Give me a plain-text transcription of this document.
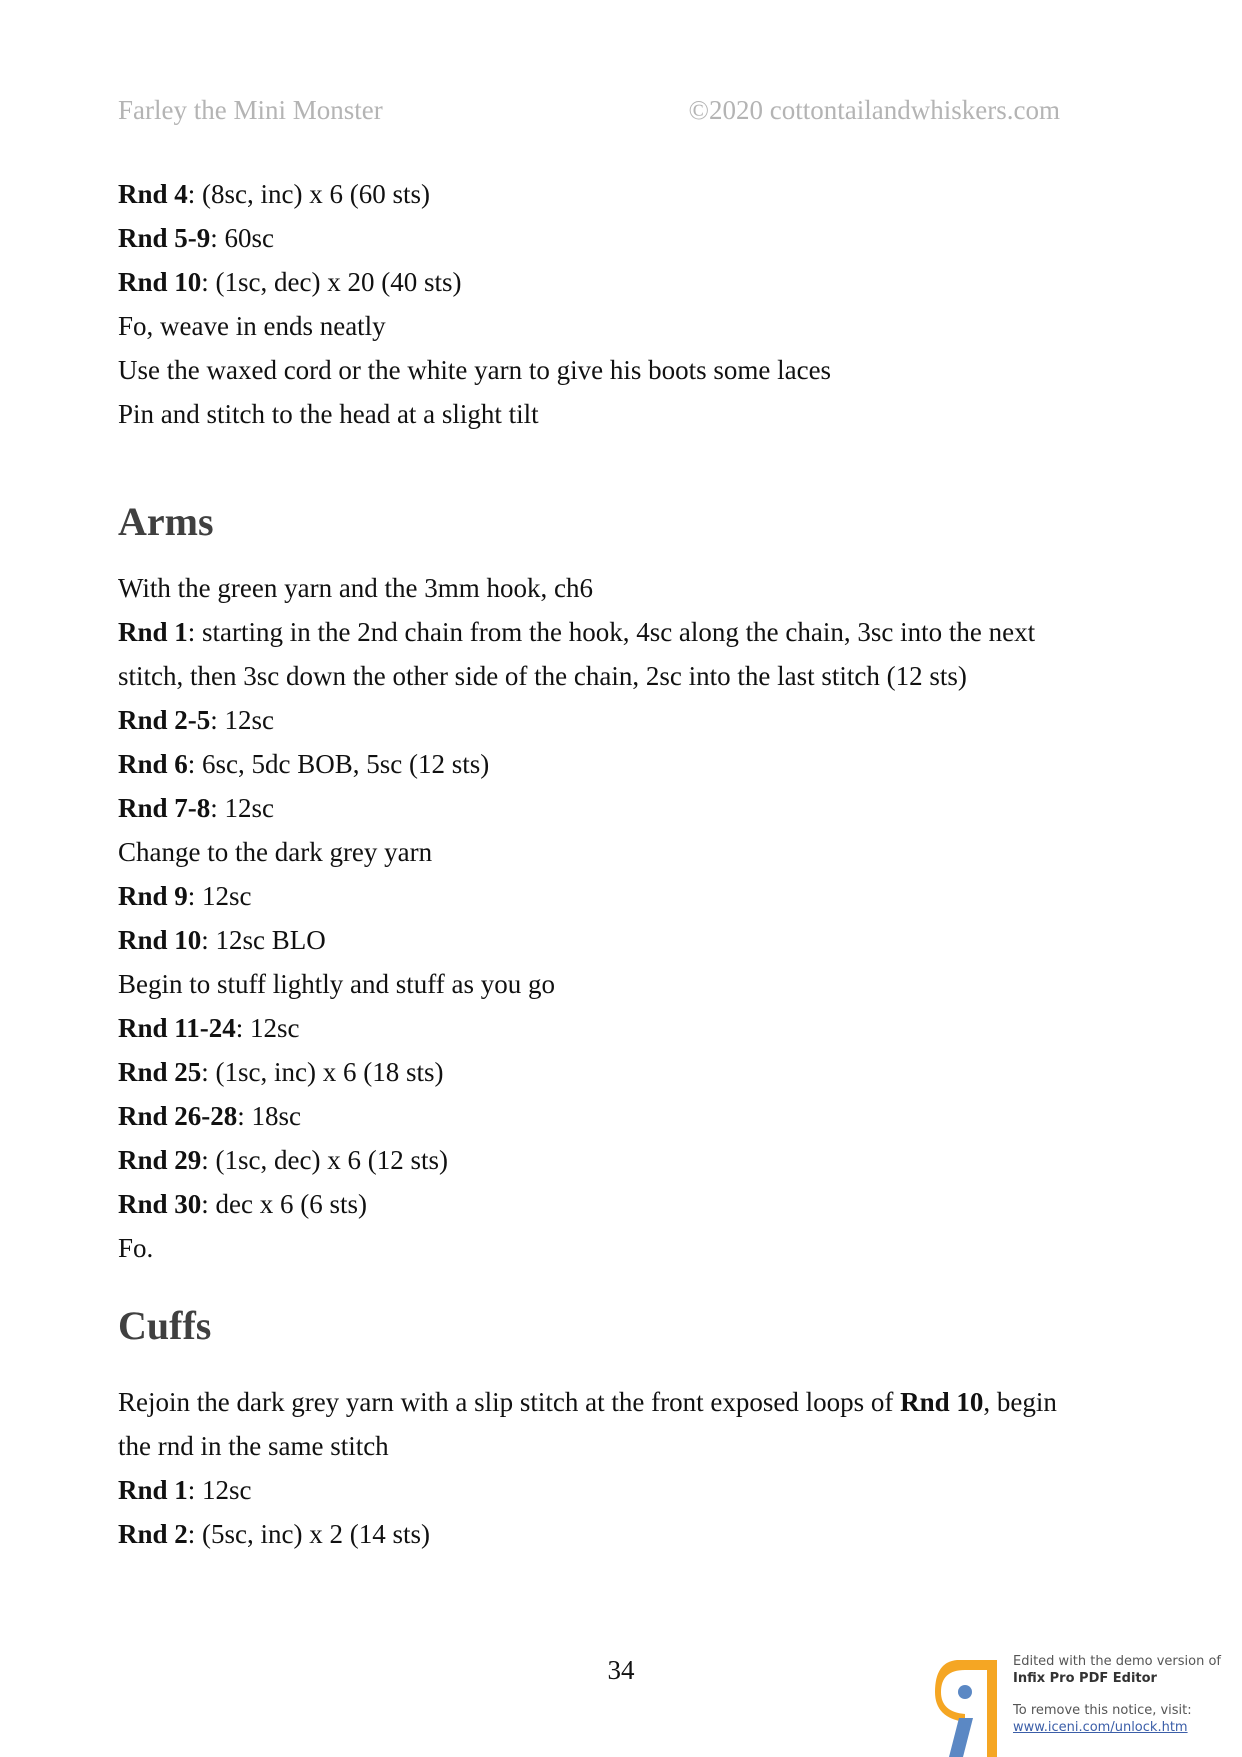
Farley the Mini Monster	©2020 cottontailandwhiskers.com

Rnd 4: (8sc, inc) x 6 (60 sts)

Rnd 5-9: 60sc

Rnd 10: (1sc, dec) x 20 (40 sts)

Fo, weave in ends neatly

Use the waxed cord or the white yarn to give his boots some laces

Pin and stitch to the head at a slight tilt

Arms

With the green yarn and the 3mm hook, ch6

Rnd 1: starting in the 2nd chain from the hook, 4sc along the chain, 3sc into the next stitch, then 3sc down the other side of the chain, 2sc into the last stitch (12 sts)

Rnd 2-5: 12sc

Rnd 6: 6sc, 5dc BOB, 5sc (12 sts)

Rnd 7-8: 12sc

Change to the dark grey yarn

Rnd 9: 12sc

Rnd 10: 12sc BLO

Begin to stuff lightly and stuff as you go

Rnd 11-24: 12sc

Rnd 25: (1sc, inc) x 6 (18 sts)

Rnd 26-28: 18sc

Rnd 29: (1sc, dec) x 6 (12 sts)

Rnd 30: dec x 6 (6 sts)

Fo.

Cuffs

Rejoin the dark grey yarn with a slip stitch at the front exposed loops of Rnd 10, begin the rnd in the same stitch

Rnd 1: 12sc

Rnd 2: (5sc, inc) x 2 (14 sts)

34	Edited with the demo version of
Infix Pro PDF Editor
To remove this notice, visit:
www.iceni.com/unlock.htm
